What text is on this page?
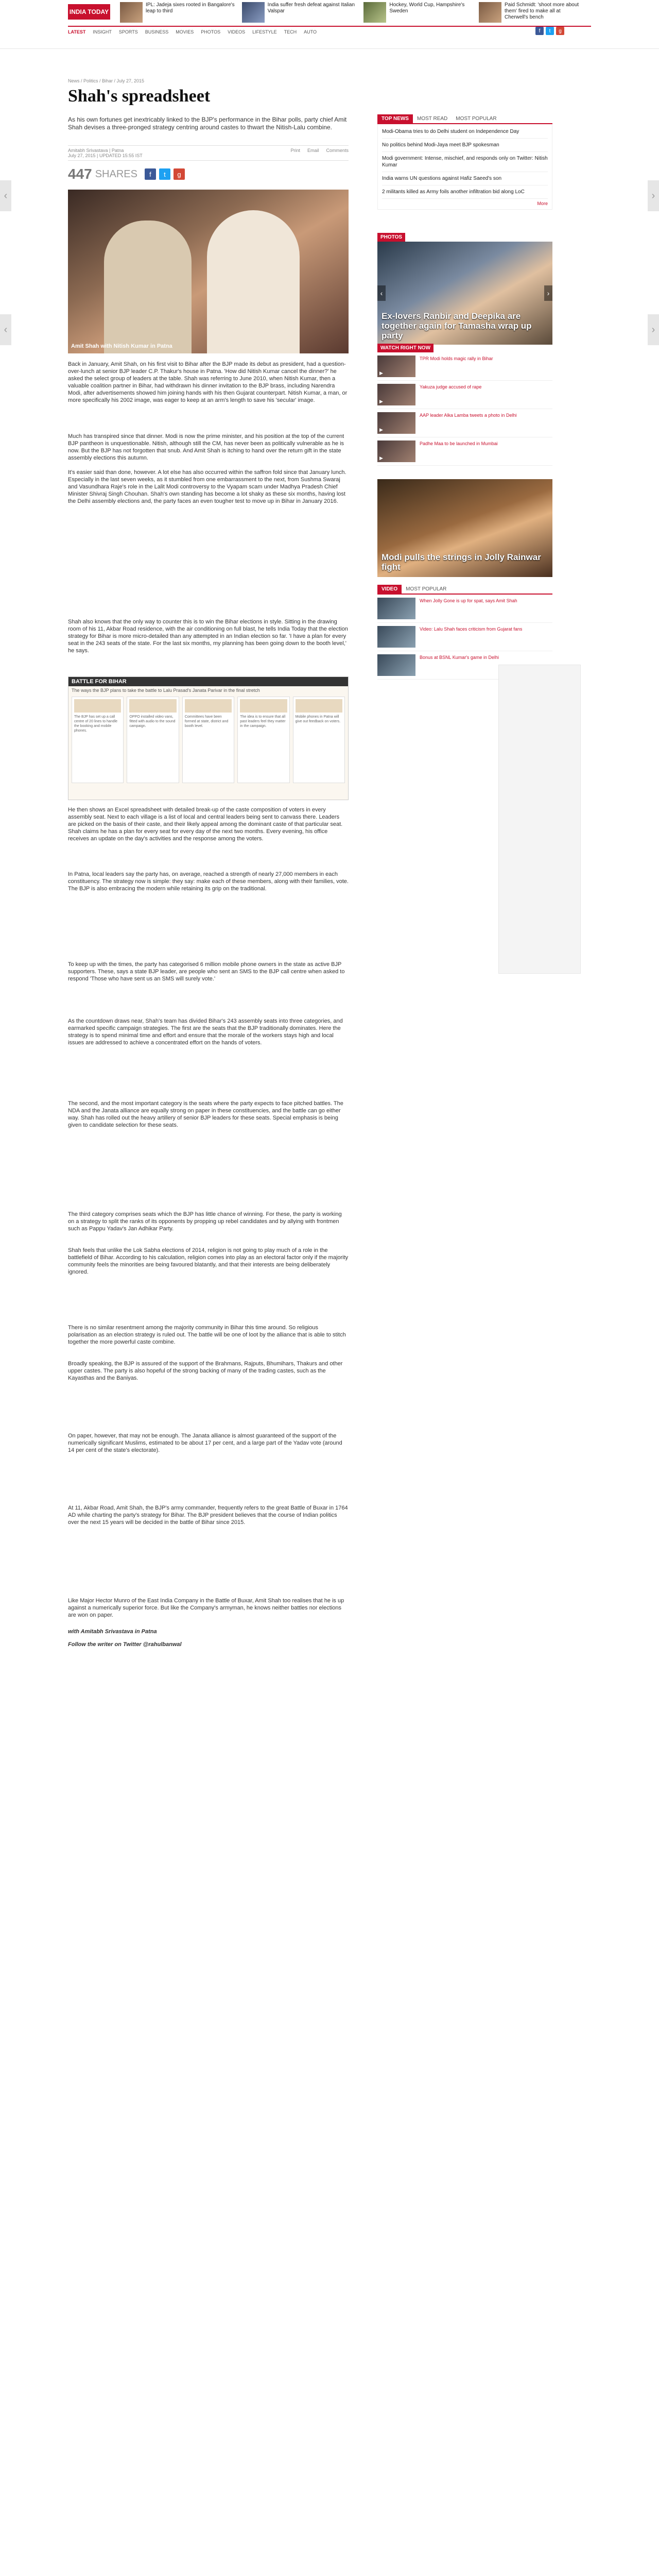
IPL: Jadeja sixes rooted in Bangalore's leap to third
India suffer fresh defeat against Italian Valspar
Hockey, World Cup, Hampshire's Sweden
Paid Schmidt: 'shoot more about them' fired to make all at Cherwell's bench
INDIA TODAY
LATEST INSIGHT SPORTS BUSINESS MOVIES PHOTOS VIDEOS LIFESTYLE TECH AUTO	f	t	g
‹	›
‹	›
News / Politics / Bihar / July 27, 2015
Shah's spreadsheet

As his own fortunes get inextricably linked to the BJP's performance in the Bihar polls, party chief Amit Shah devises a three-pronged strategy centring around castes to thwart the Nitish-Lalu combine.

Amitabh Srivastava | Patna
July 27, 2015 | UPDATED 15:55 IST
Print Email Comments
447 SHARES	f	t	g
Amit Shah with Nitish Kumar in Patna

Back in January, Amit Shah, on his first visit to Bihar after the BJP made its debut as president, had a question-over-lunch at senior BJP leader C.P. Thakur's house in Patna. 'How did Nitish Kumar cancel the dinner?' he asked the select group of leaders at the table. Shah was referring to June 2010, when Nitish Kumar, then a valuable coalition partner in Bihar, had withdrawn his dinner invitation to the BJP brass, including Narendra Modi, after advertisements showed him joining hands with his then Gujarat counterpart. Nitish Kumar, a man, or more specifically his 2002 image, was eager to keep at an arm's length to save his 'secular' image.

Much has transpired since that dinner. Modi is now the prime minister, and his position at the top of the current BJP pantheon is unquestionable. Nitish, although still the CM, has never been as politically vulnerable as he is now. But the BJP has not forgotten that snub. And Amit Shah is itching to hand over the return gift in the state assembly elections this autumn.

It's easier said than done, however. A lot else has also occurred within the saffron fold since that January lunch. Especially in the last seven weeks, as it stumbled from one embarrassment to the next, from Sushma Swaraj and Vasundhara Raje's role in the Lalit Modi controversy to the Vyapam scam under Madhya Pradesh Chief Minister Shivraj Singh Chouhan. Shah's own standing has become a lot shaky as these six months, having lost the Delhi assembly elections and, the party faces an even tougher test to move up in Bihar in January 2016.

Shah also knows that the only way to counter this is to win the Bihar elections in style. Sitting in the drawing room of his 11, Akbar Road residence, with the air conditioning on full blast, he tells India Today that the election strategy for Bihar is more micro-detailed than any attempted in an Indian election so far. 'I have a plan for every seat in the 243 seats of the state. For the last six months, my planning has been going down to the booth level,' he says.

BATTLE FOR BIHAR
The ways the BJP plans to take the battle to Lalu Prasad's Janata Parivar in the final stretch
The BJP has set up a call centre of 20 lines to handle the booking and mobile phones.
OPPO installed video vans, fitted with audio to the sound campaign.
Committees have been formed at state, district and booth level.
The idea is to ensure that all past leaders feel they matter in the campaign.
Mobile phones in Patna will give out feedback on voters.

He then shows an Excel spreadsheet with detailed break-up of the caste composition of voters in every assembly seat. Next to each village is a list of local and central leaders being sent to canvass there. Leaders are picked on the basis of their caste, and their likely appeal among the dominant caste of that particular seat. Shah claims he has a plan for every seat for every day of the next two months. Every evening, his office receives an update on the day's activities and the response among the voters.

In Patna, local leaders say the party has, on average, reached a strength of nearly 27,000 members in each constituency. The strategy now is simple: they say: make each of these members, along with their families, vote. The BJP is also embracing the modern while retaining its grip on the traditional.

To keep up with the times, the party has categorised 6 million mobile phone owners in the state as active BJP supporters. These, says a state BJP leader, are people who sent an SMS to the BJP call centre when asked to respond 'Those who have sent us an SMS will surely vote.'

As the countdown draws near, Shah's team has divided Bihar's 243 assembly seats into three categories, and earmarked specific campaign strategies. The first are the seats that the BJP traditionally dominates. Here the strategy is to spend minimal time and effort and ensure that the morale of the workers stays high and local issues are addressed to achieve a concentrated effort on the hands of voters.

The second, and the most important category is the seats where the party expects to face pitched battles. The NDA and the Janata alliance are equally strong on paper in these constituencies, and the battle can go either way. Shah has rolled out the heavy artillery of senior BJP leaders for these seats. Special emphasis is being given to candidate selection for these seats.

The third category comprises seats which the BJP has little chance of winning. For these, the party is working on a strategy to split the ranks of its opponents by propping up rebel candidates and by allying with frontmen such as Pappu Yadav's Jan Adhikar Party.

Shah feels that unlike the Lok Sabha elections of 2014, religion is not going to play much of a role in the battlefield of Bihar. According to his calculation, religion comes into play as an electoral factor only if the majority community feels the minorities are being favoured blatantly, and that their interests are being deliberately ignored.

There is no similar resentment among the majority community in Bihar this time around. So religious polarisation as an election strategy is ruled out. The battle will be one of loot by the alliance that is able to stitch together the more powerful caste combine.

Broadly speaking, the BJP is assured of the support of the Brahmans, Rajputs, Bhumihars, Thakurs and other upper castes. The party is also hopeful of the strong backing of many of the trading castes, such as the Kayasthas and the Baniyas.

On paper, however, that may not be enough. The Janata alliance is almost guaranteed of the support of the numerically significant Muslims, estimated to be about 17 per cent, and a large part of the Yadav vote (around 14 per cent of the state's electorate).

At 11, Akbar Road, Amit Shah, the BJP's army commander, frequently refers to the great Battle of Buxar in 1764 AD while charting the party's strategy for Bihar. The BJP president believes that the course of Indian politics over the next 15 years will be decided in the battle of Bihar since 2015.

Like Major Hector Munro of the East India Company in the Battle of Buxar, Amit Shah too realises that he is up against a numerically superior force. But like the Company's armyman, he knows neither battles nor elections are won on paper.

with Amitabh Srivastava in Patna

Follow the writer on Twitter @rahulbanwal

TOP NEWS	MOST READ	MOST POPULAR
Modi-Obama tries to do Delhi student on Independence Day
No politics behind Modi-Jaya meet BJP spokesman
Modi government: Intense, mischief, and responds only on Twitter: Nitish Kumar
India warns UN questions against Hafiz Saeed's son
2 militants killed as Army foils another infiltration bid along LoC
More
PHOTOS
‹	›
Ex-lovers Ranbir and Deepika are together again for Tamasha wrap up party
WATCH RIGHT NOW
▶
TPR Modi holds magic rally in Bihar
▶
Yakuza judge accused of rape
▶
AAP leader Alka Lamba tweets a photo in Delhi
▶
Padhe Maa to be launched in Mumbai
Modi pulls the strings in Jolly Rainwar fight
VIDEO	MOST POPULAR
When Jolly Gone is up for spat, says Amit Shah
Video: Lalu Shah faces criticism from Gujarat fans
Bonus at BSNL Kumar's game in Delhi
